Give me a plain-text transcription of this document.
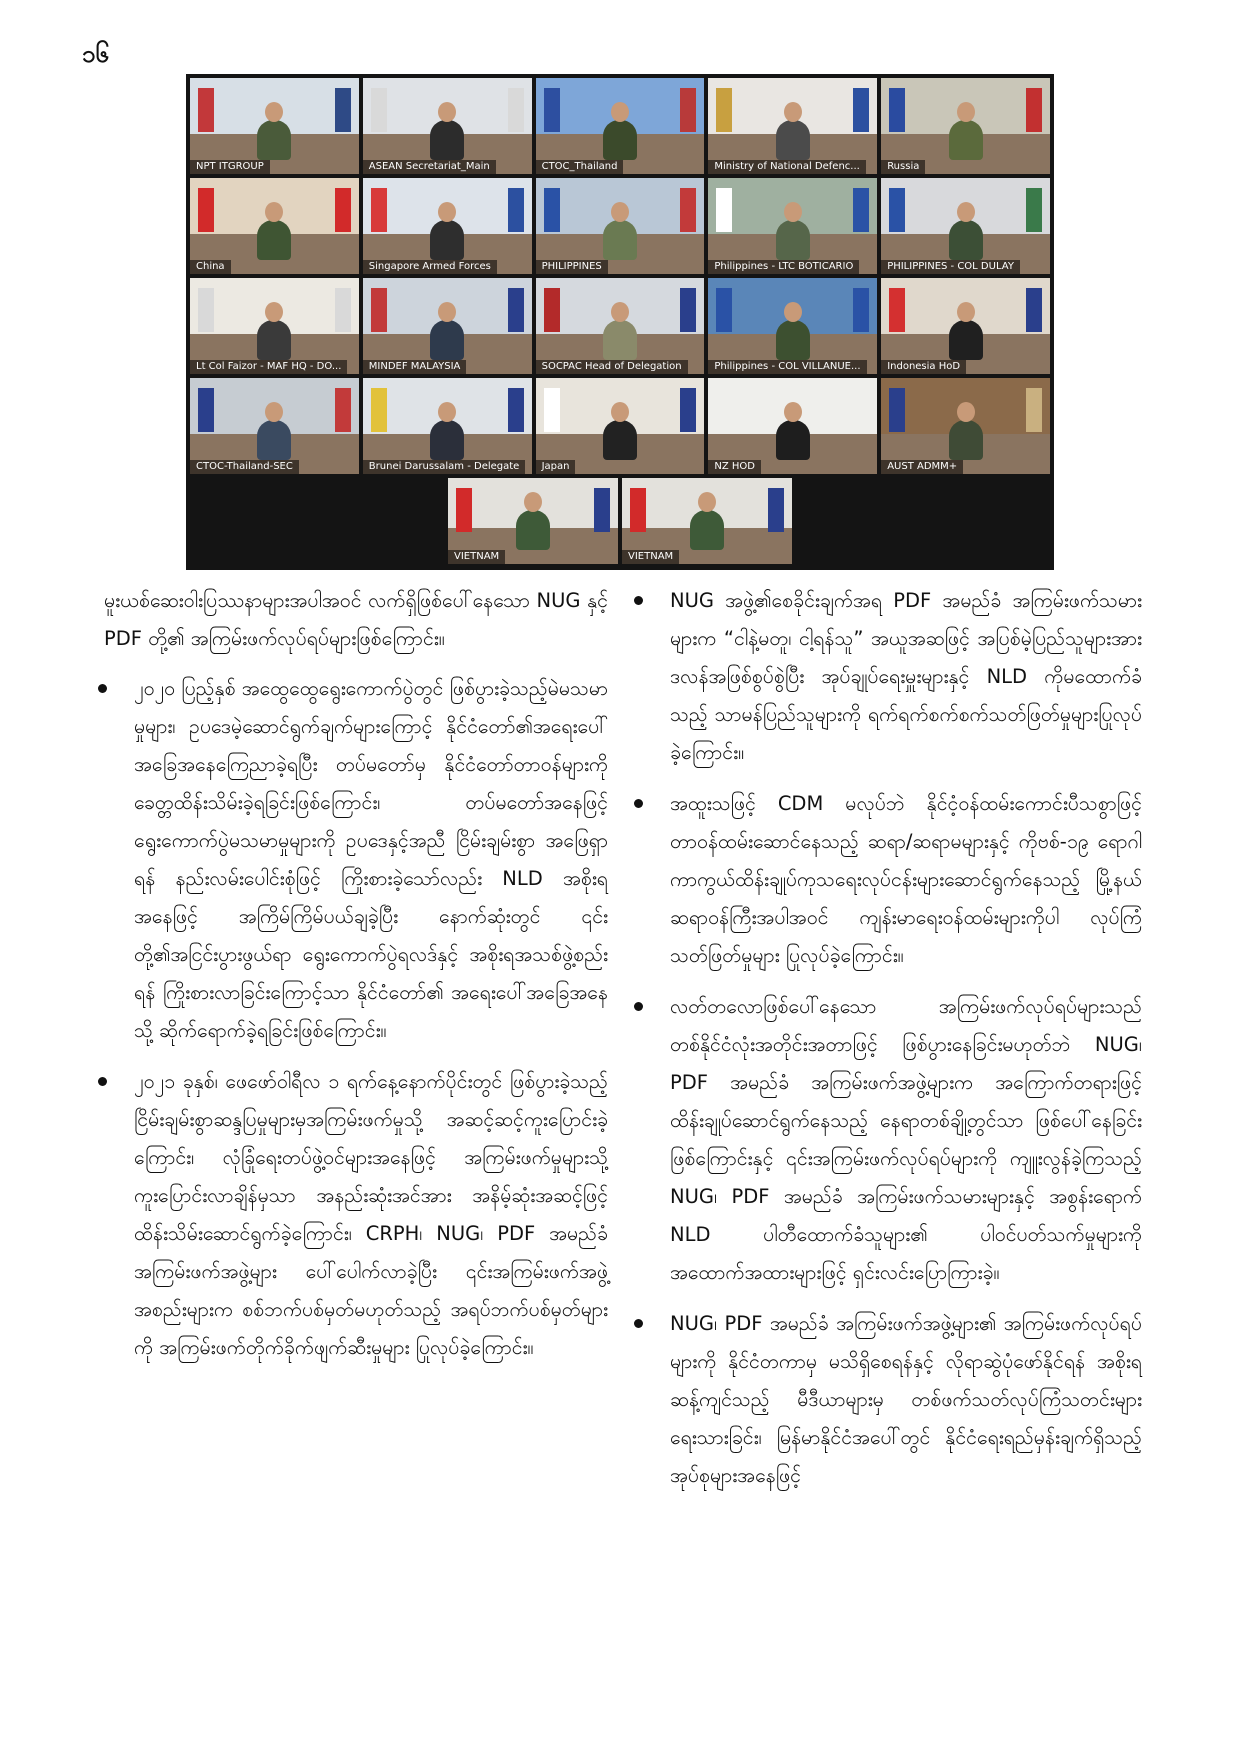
၁၆
NPT ITGROUP	ASEAN Secretariat_Main	CTOC_Thailand	Ministry of National Defenc...	Russia
China	Singapore Armed Forces	PHILIPPINES	Philippines - LTC BOTICARIO	PHILIPPINES - COL DULAY
Lt Col Faizor - MAF HQ - DO...	MINDEF MALAYSIA	SOCPAC Head of Delegation	Philippines - COL VILLANUE...	Indonesia HoD
CTOC-Thailand-SEC	Brunei Darussalam - Delegate	Japan	NZ HOD	AUST ADMM+
VIETNAM	VIETNAM

မူးယစ်ဆေးဝါးပြဿနာများအပါအဝင် လက်ရှိဖြစ်ပေါ်နေသော NUG နှင့် PDF တို့၏ အကြမ်းဖက်လုပ်ရပ်များဖြစ်ကြောင်း။

၂၀၂၀ ပြည့်နှစ် အထွေထွေရွေးကောက်ပွဲတွင် ဖြစ်ပွားခဲ့သည့်မဲမသမာမှုများ၊ ဥပဒေမဲ့ဆောင်ရွက်ချက်များကြောင့် နိုင်ငံတော်၏အရေးပေါ်အခြေအနေကြေညာခဲ့ရပြီး တပ်မတော်မှ နိုင်ငံတော်တာဝန်များကို ခေတ္တထိန်းသိမ်းခဲ့ရခြင်းဖြစ်ကြောင်း၊ တပ်မတော်အနေဖြင့် ရွေးကောက်ပွဲမသမာမှုများကို ဥပဒေနှင့်အညီ ငြိမ်းချမ်းစွာ အဖြေရှာရန် နည်းလမ်းပေါင်းစုံဖြင့် ကြိုးစားခဲ့သော်လည်း NLD အစိုးရအနေဖြင့် အကြိမ်ကြိမ်ပယ်ချခဲ့ပြီး နောက်ဆုံးတွင် ၎င်းတို့၏အငြင်းပွားဖွယ်ရာ ရွေးကောက်ပွဲရလဒ်နှင့် အစိုးရအသစ်ဖွဲ့စည်းရန် ကြိုးစားလာခြင်းကြောင့်သာ နိုင်ငံတော်၏ အရေးပေါ်အခြေအနေသို့ ဆိုက်ရောက်ခဲ့ရခြင်းဖြစ်ကြောင်း။
၂၀၂၁ ခုနှစ်၊ ဖေဖော်ဝါရီလ ၁ ရက်နေ့နောက်ပိုင်းတွင် ဖြစ်ပွားခဲ့သည့် ငြိမ်းချမ်းစွာဆန္ဒပြမှုများမှအကြမ်းဖက်မှုသို့ အဆင့်ဆင့်ကူးပြောင်းခဲ့ကြောင်း၊ လုံခြုံရေးတပ်ဖွဲ့ဝင်များအနေဖြင့် အကြမ်းဖက်မှုများသို့ ကူးပြောင်းလာချိန်မှသာ အနည်းဆုံးအင်အား အနိမ့်ဆုံးအဆင့်ဖြင့် ထိန်းသိမ်းဆောင်ရွက်ခဲ့ကြောင်း၊ CRPH၊ NUG၊ PDF အမည်ခံအကြမ်းဖက်အဖွဲ့များ ပေါ်ပေါက်လာခဲ့ပြီး ၎င်းအကြမ်းဖက်အဖွဲ့အစည်းများက စစ်ဘက်ပစ်မှတ်မဟုတ်သည့် အရပ်ဘက်ပစ်မှတ်များကို အကြမ်းဖက်တိုက်ခိုက်ဖျက်ဆီးမှုများ ပြုလုပ်ခဲ့ကြောင်း။
NUG အဖွဲ့၏စေခိုင်းချက်အရ PDF အမည်ခံ အကြမ်းဖက်သမားများက “ငါနဲ့မတူ၊ ငါ့ရန်သူ” အယူအဆဖြင့် အပြစ်မဲ့ပြည်သူများအား ဒလန်အဖြစ်စွပ်စွဲပြီး အုပ်ချုပ်ရေးမှူးများနှင့် NLD ကိုမထောက်ခံသည့် သာမန်ပြည်သူများကို ရက်ရက်စက်စက်သတ်ဖြတ်မှုများပြုလုပ်ခဲ့ကြောင်း။
အထူးသဖြင့် CDM မလုပ်ဘဲ နိုင်ငံ့ဝန်ထမ်းကောင်းပီသစွာဖြင့် တာဝန်ထမ်းဆောင်နေသည့် ဆရာ/ဆရာမများနှင့် ကိုဗစ်-၁၉ ရောဂါကာကွယ်ထိန်းချုပ်ကုသရေးလုပ်ငန်းများဆောင်ရွက်နေသည့် မြို့နယ်ဆရာဝန်ကြီးအပါအဝင် ကျန်းမာရေးဝန်ထမ်းများကိုပါ လုပ်ကြံသတ်ဖြတ်မှုများ ပြုလုပ်ခဲ့ကြောင်း။
လတ်တလောဖြစ်ပေါ်နေသော အကြမ်းဖက်လုပ်ရပ်များသည် တစ်နိုင်ငံလုံးအတိုင်းအတာဖြင့် ဖြစ်ပွားနေခြင်းမဟုတ်ဘဲ NUG၊ PDF အမည်ခံ အကြမ်းဖက်အဖွဲ့များက အကြောက်တရားဖြင့် ထိန်းချုပ်ဆောင်ရွက်နေသည့် နေရာတစ်ချို့တွင်သာ ဖြစ်ပေါ်နေခြင်းဖြစ်ကြောင်းနှင့် ၎င်းအကြမ်းဖက်လုပ်ရပ်များကို ကျူးလွန်ခဲ့ကြသည့် NUG၊ PDF အမည်ခံ အကြမ်းဖက်သမားများနှင့် အစွန်းရောက် NLD ပါတီထောက်ခံသူများ၏ ပါဝင်ပတ်သက်မှုများကို အထောက်အထားများဖြင့် ရှင်းလင်းပြောကြားခဲ့။
NUG၊ PDF အမည်ခံ အကြမ်းဖက်အဖွဲ့များ၏ အကြမ်းဖက်လုပ်ရပ်များကို နိုင်ငံတကာမှ မသိရှိစေရန်နှင့် လိုရာဆွဲပုံဖော်နိုင်ရန် အစိုးရဆန့်ကျင်သည့် မီဒီယာများမှ တစ်ဖက်သတ်လုပ်ကြံသတင်းများရေးသားခြင်း၊ မြန်မာနိုင်ငံအပေါ်တွင် နိုင်ငံရေးရည်မှန်းချက်ရှိသည့်အုပ်စုများအနေဖြင့်
